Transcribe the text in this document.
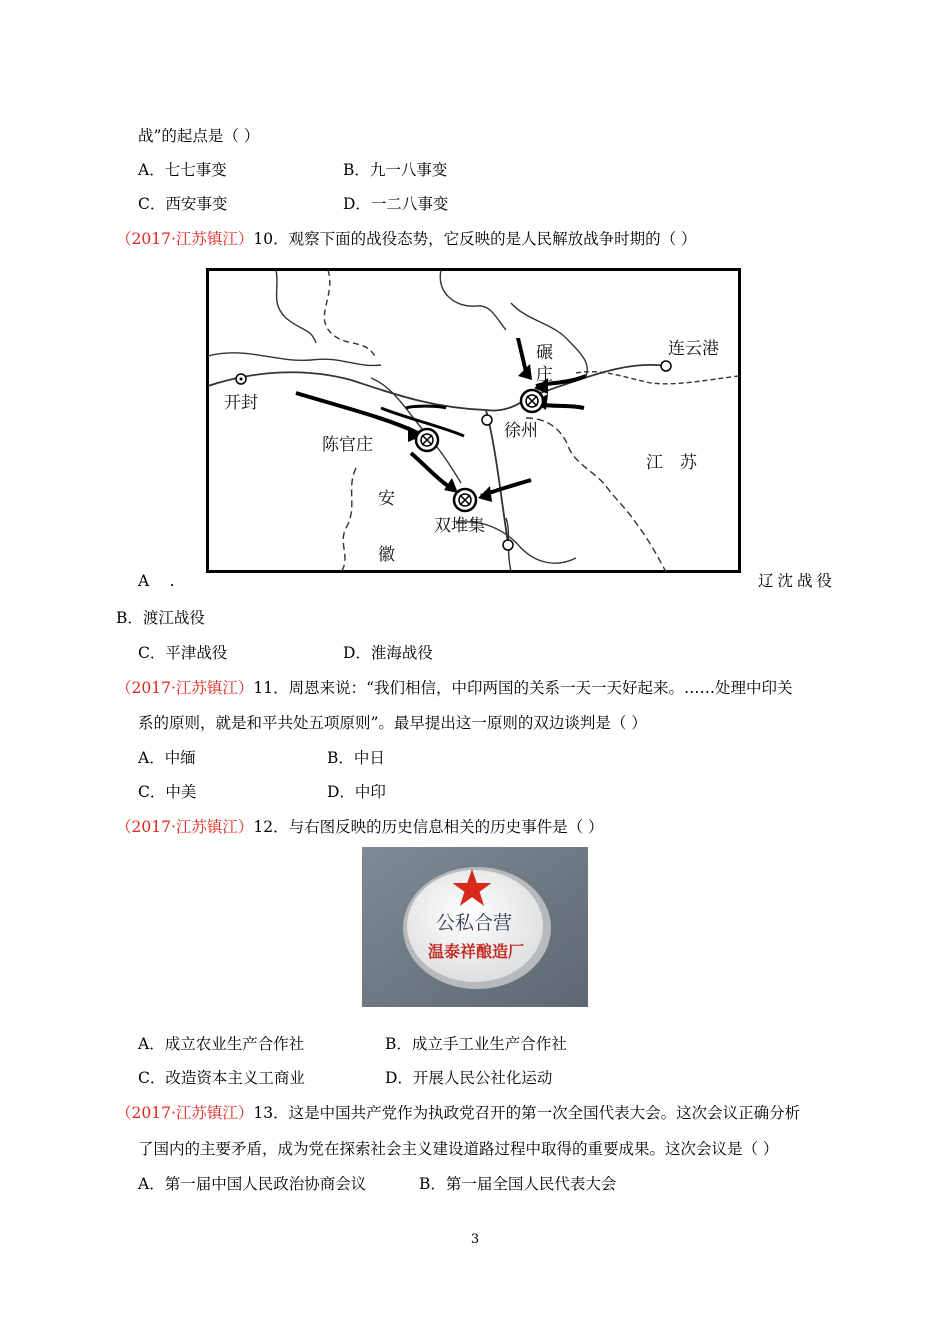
战”的起点是（ ）
A．七七事变	B．九一八事变
C．西安事变	D．一二八事变
（2017·江苏镇江）10．观察下面的战役态势，它反映的是人民解放战争时期的（ ）
连云港
碾
庄
开封
徐州
陈官庄
江　苏
安
双堆集
徽
A　 .	辽沈战役
B．渡江战役
C．平津战役	D．淮海战役
（2017·江苏镇江）11．周恩来说：“我们相信，中印两国的关系一天一天好起来。……处理中印关
系的原则，就是和平共处五项原则”。最早提出这一原则的双边谈判是（ ）
A．中缅	B．中日
C．中美	D．中印
（2017·江苏镇江）12．与右图反映的历史信息相关的历史事件是（ ）
公私合营
温泰祥酿造厂
A．成立农业生产合作社	B．成立手工业生产合作社
C．改造资本主义工商业	D．开展人民公社化运动
（2017·江苏镇江）13．这是中国共产党作为执政党召开的第一次全国代表大会。这次会议正确分析
了国内的主要矛盾，成为党在探索社会主义建设道路过程中取得的重要成果。这次会议是（ ）
A．第一届中国人民政治协商会议	B．第一届全国人民代表大会
3
